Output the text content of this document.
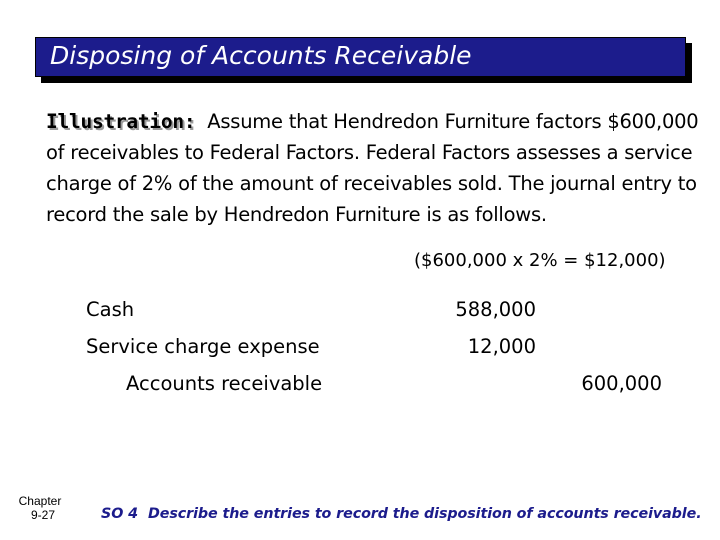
Disposing of Accounts Receivable

Illustration: Assume that Hendredon Furniture factors $600,000 of receivables to Federal Factors. Federal Factors assesses a service charge of 2% of the amount of receivables sold. The journal entry to record the sale by Hendredon Furniture is as follows.

($600,000 x 2% = $12,000)

Cash	588,000
Service charge expense	12,000
Accounts receivable	600,000
Chapter
9-27	SO 4 Describe the entries to record the disposition of accounts receivable.
